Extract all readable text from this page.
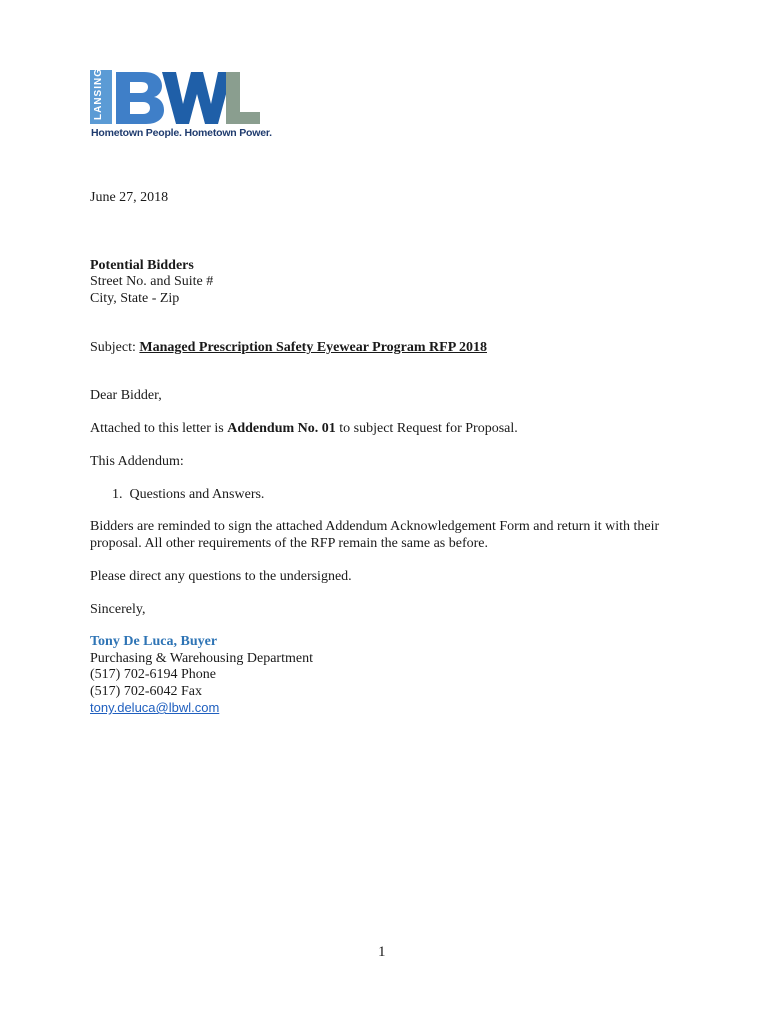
LANSING
Hometown People. Hometown Power.
June 27, 2018
Potential Bidders
Street No. and Suite #
City, State - Zip
Subject: Managed Prescription Safety Eyewear Program RFP 2018
Dear Bidder,
Attached to this letter is Addendum No. 01 to subject Request for Proposal.
This Addendum:
1. Questions and Answers.
Bidders are reminded to sign the attached Addendum Acknowledgement Form and return it with their
proposal. All other requirements of the RFP remain the same as before.
Please direct any questions to the undersigned.
Sincerely,
Tony De Luca, Buyer
Purchasing & Warehousing Department
(517) 702-6194 Phone
(517) 702-6042 Fax
tony.deluca@lbwl.com
1
